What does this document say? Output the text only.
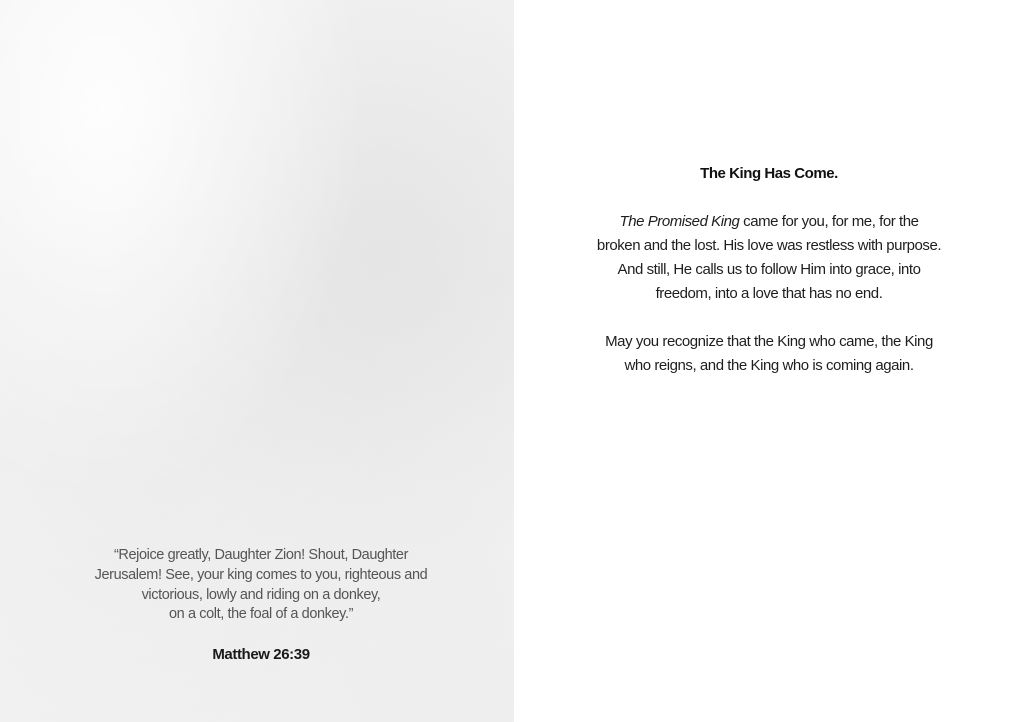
“Rejoice greatly, Daughter Zion! Shout, Daughter
Jerusalem! See, your king comes to you, righteous and
victorious, lowly and riding on a donkey,
on a colt, the foal of a donkey.”
Matthew 26:39
The King Has Come.
The Promised King came for you, for me, for the
broken and the lost. His love was restless with purpose.
And still, He calls us to follow Him into grace, into
freedom, into a love that has no end.
May you recognize that the King who came, the King
who reigns, and the King who is coming again.
